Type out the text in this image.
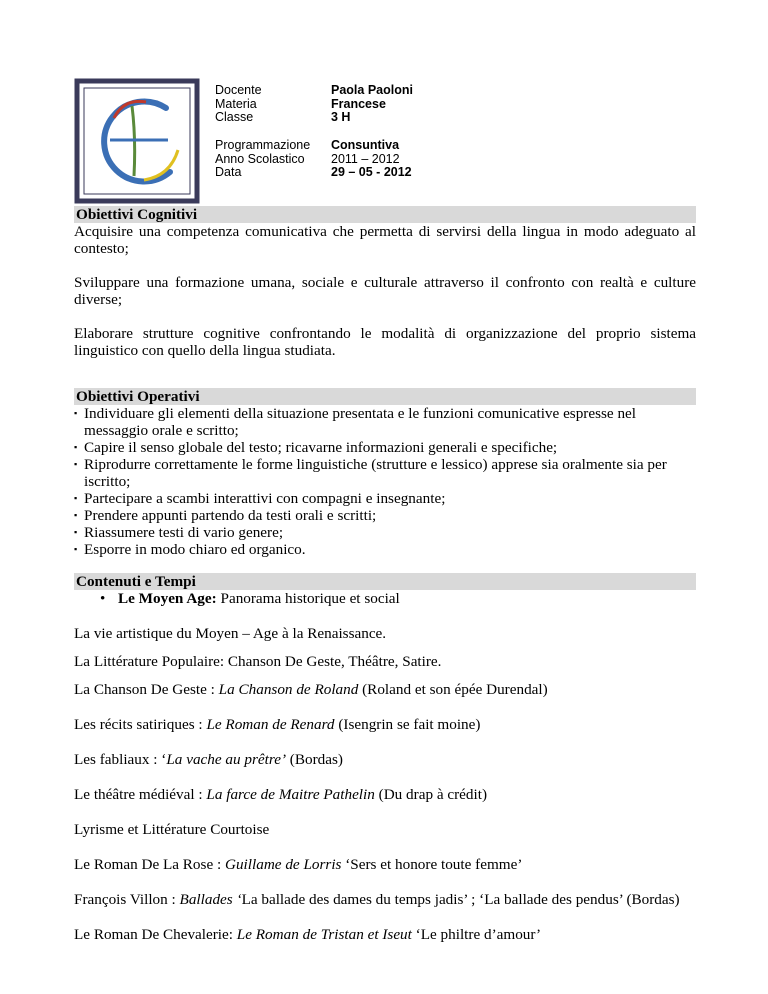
Docente
Materia
Classe
Paola Paoloni
Francese
3 H
Programmazione
Anno Scolastico
Data
Consuntiva
2011 – 2012
29 – 05 - 2012
Obiettivi Cognitivi
Acquisire una competenza comunicativa che permetta di servirsi della lingua in modo adeguato al contesto;
Sviluppare una formazione umana, sociale e culturale attraverso il confronto con realtà e culture diverse;
Elaborare strutture cognitive confrontando le modalità di organizzazione del proprio sistema linguistico con quello della lingua studiata.
Obiettivi Operativi
▪ Individuare gli elementi della situazione presentata e le funzioni comunicative espresse nel messaggio orale e scritto;
▪ Capire il senso globale del testo; ricavarne informazioni generali e specifiche;
▪ Riprodurre correttamente le forme linguistiche (strutture e lessico) apprese sia oralmente sia per iscritto;
▪ Partecipare a scambi interattivi con compagni e insegnante;
▪ Prendere appunti partendo da testi orali e scritti;
▪ Riassumere testi di vario genere;
▪ Esporre in modo chiaro ed organico.
Contenuti e Tempi
• Le Moyen Age: Panorama historique et social
La vie artistique du Moyen – Age à la Renaissance.
La Littérature Populaire: Chanson De Geste, Théâtre, Satire.
La Chanson De Geste : La Chanson de Roland (Roland et son épée Durendal)
Les récits satiriques : Le Roman de Renard (Isengrin se fait moine)
Les fabliaux : ‘La vache au prêtre’ (Bordas)
Le théâtre médiéval : La farce de Maitre Pathelin (Du drap à crédit)
Lyrisme et Littérature Courtoise
Le Roman De La Rose : Guillame de Lorris ‘Sers et honore toute femme’
François Villon : Ballades ‘La ballade des dames du temps jadis’ ; ‘La ballade des pendus’ (Bordas)
Le Roman De Chevalerie: Le Roman de Tristan et Iseut ‘Le philtre d’amour’
